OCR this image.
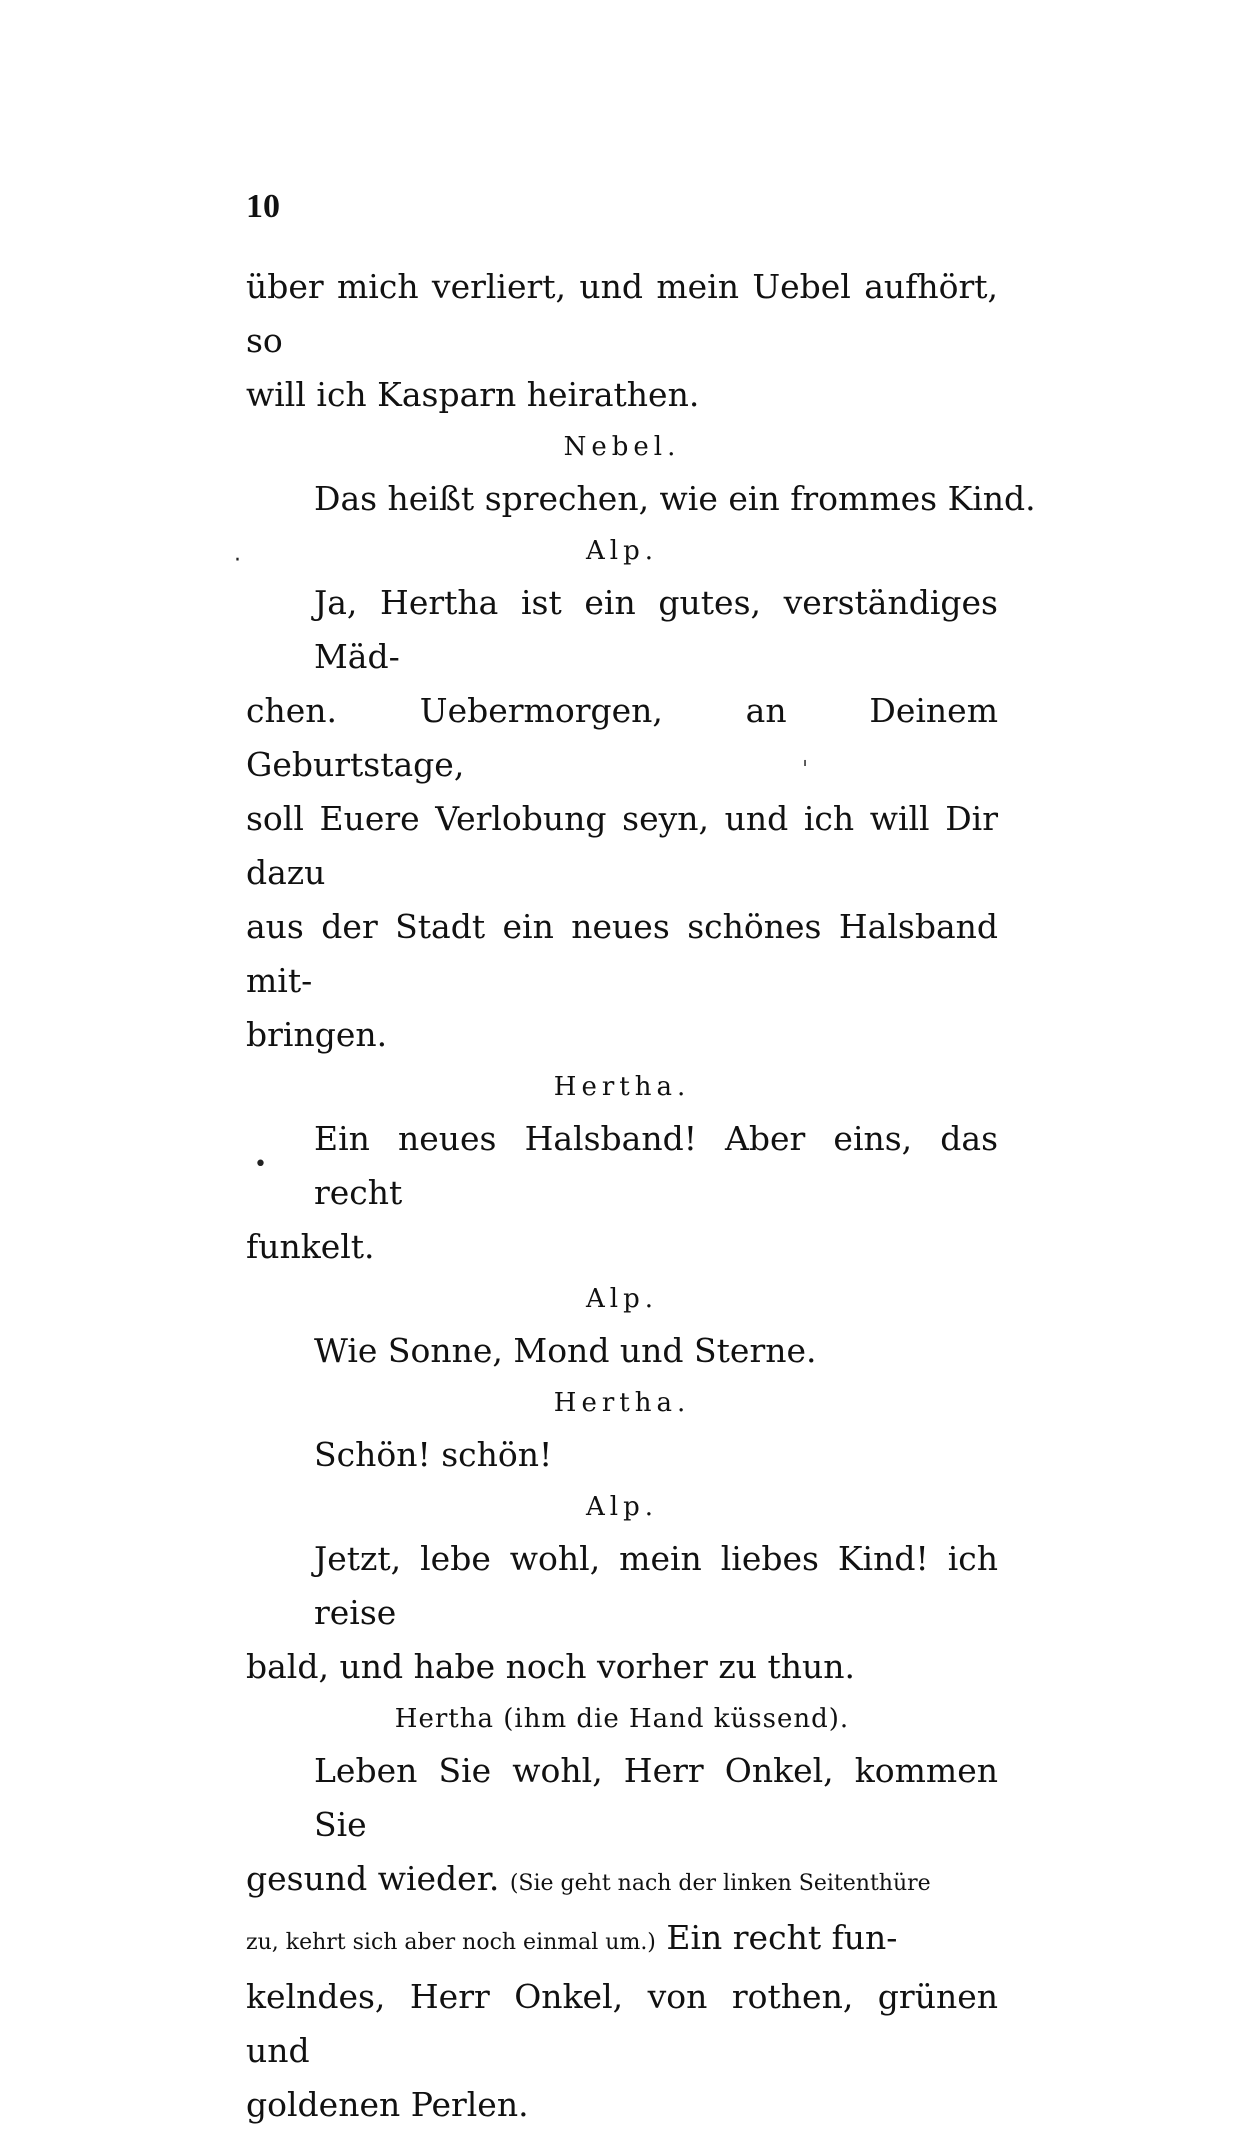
10
über mich verliert, und mein Uebel aufhört, so
will ich Kasparn heirathen.
Nebel.
Das heißt sprechen, wie ein frommes Kind.
Alp.
Ja, Hertha ist ein gutes, verständiges Mäd-
chen. Uebermorgen, an Deinem Geburtstage,
soll Euere Verlobung seyn, und ich will Dir dazu
aus der Stadt ein neues schönes Halsband mit-
bringen.
Hertha.
Ein neues Halsband! Aber eins, das recht
funkelt.
Alp.
Wie Sonne, Mond und Sterne.
Hertha.
Schön! schön!
Alp.
Jetzt, lebe wohl, mein liebes Kind! ich reise
bald, und habe noch vorher zu thun.
Hertha (ihm die Hand küssend).
Leben Sie wohl, Herr Onkel, kommen Sie
gesund wieder. (Sie geht nach der linken Seitenthüre
zu, kehrt sich aber noch einmal um.) Ein recht fun-
kelndes, Herr Onkel, von rothen, grünen und
goldenen Perlen.
·
ˈ
•
